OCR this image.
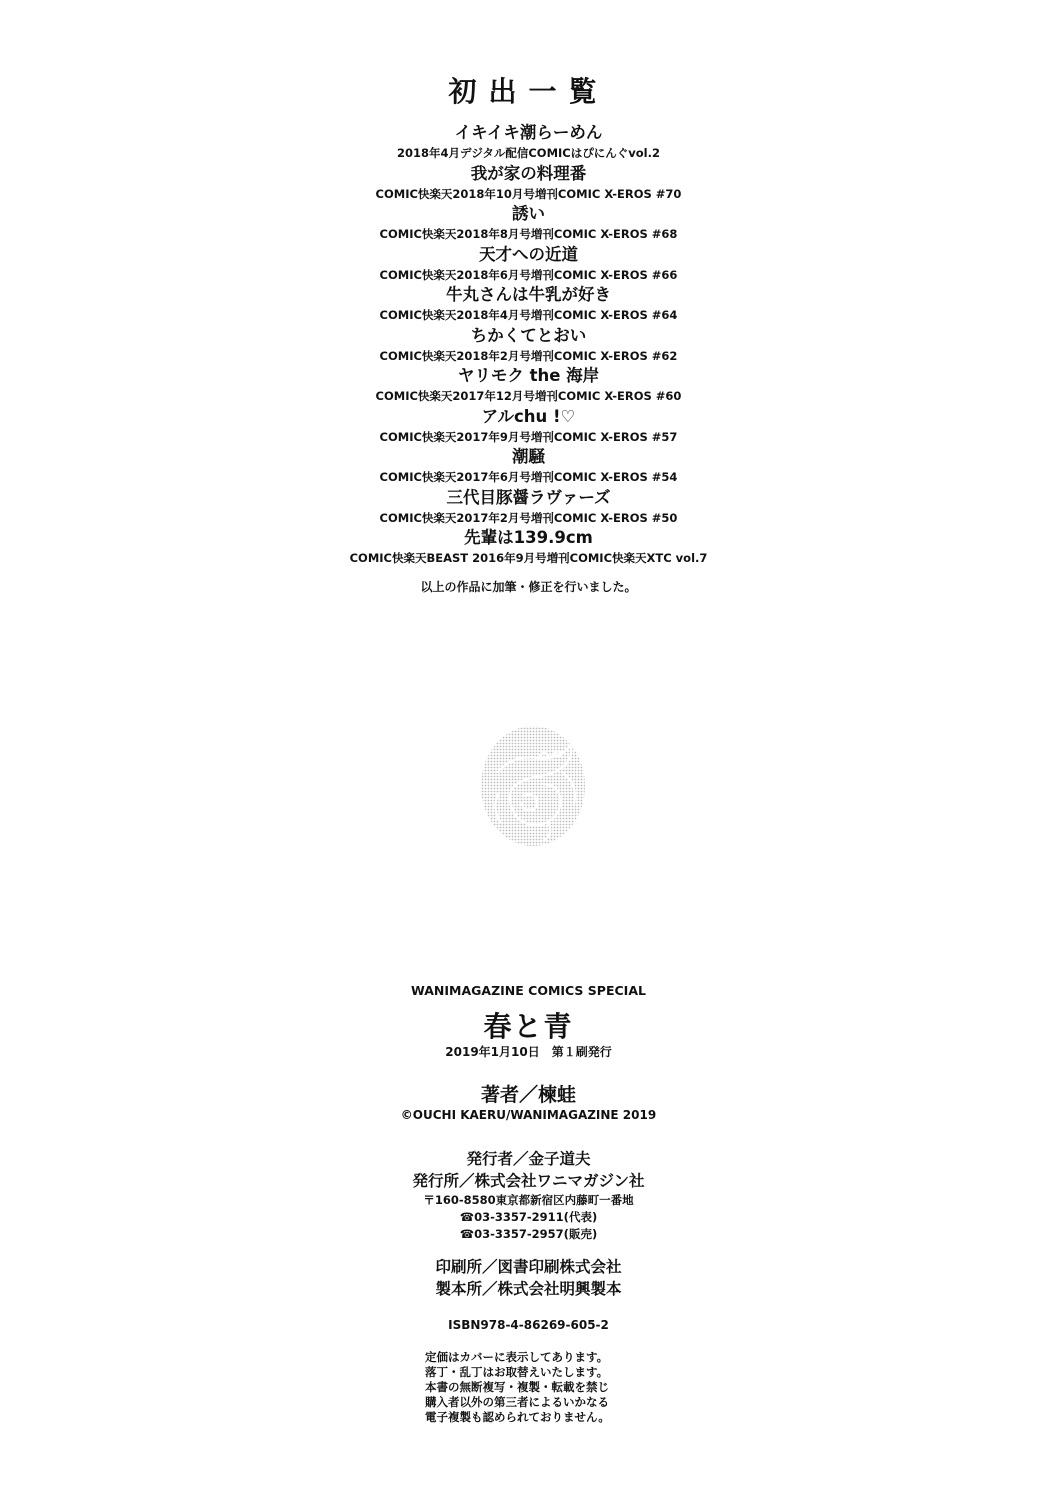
初出一覧
イキイキ潮らーめん
2018年4月デジタル配信COMICはぴにんぐvol.2
我が家の料理番
COMIC快楽天2018年10月号増刊COMIC X-EROS #70
誘い
COMIC快楽天2018年8月号増刊COMIC X-EROS #68
天才への近道
COMIC快楽天2018年6月号増刊COMIC X-EROS #66
牛丸さんは牛乳が好き
COMIC快楽天2018年4月号増刊COMIC X-EROS #64
ちかくてとおい
COMIC快楽天2018年2月号増刊COMIC X-EROS #62
ヤリモク the 海岸
COMIC快楽天2017年12月号増刊COMIC X-EROS #60
アルchu !♡
COMIC快楽天2017年9月号増刊COMIC X-EROS #57
潮騒
COMIC快楽天2017年6月号増刊COMIC X-EROS #54
三代目豚醤ラヴァーズ
COMIC快楽天2017年2月号増刊COMIC X-EROS #50
先輩は139.9cm
COMIC快楽天BEAST 2016年9月号増刊COMIC快楽天XTC vol.7
以上の作品に加筆・修正を行いました。
WANIMAGAZINE COMICS SPECIAL
春と青
2019年1月10日　第１刷発行
著者／楝蛙
©OUCHI KAERU/WANIMAGAZINE 2019
発行者／金子道夫
発行所／株式会社ワニマガジン社
〒160-8580東京都新宿区内藤町一番地
☎03-3357-2911(代表)
☎03-3357-2957(販売)
印刷所／図書印刷株式会社
製本所／株式会社明興製本
ISBN978-4-86269-605-2
定価はカバーに表示してあります。
落丁・乱丁はお取替えいたします。
本書の無断複写・複製・転載を禁じ
購入者以外の第三者によるいかなる
電子複製も認められておりません。
